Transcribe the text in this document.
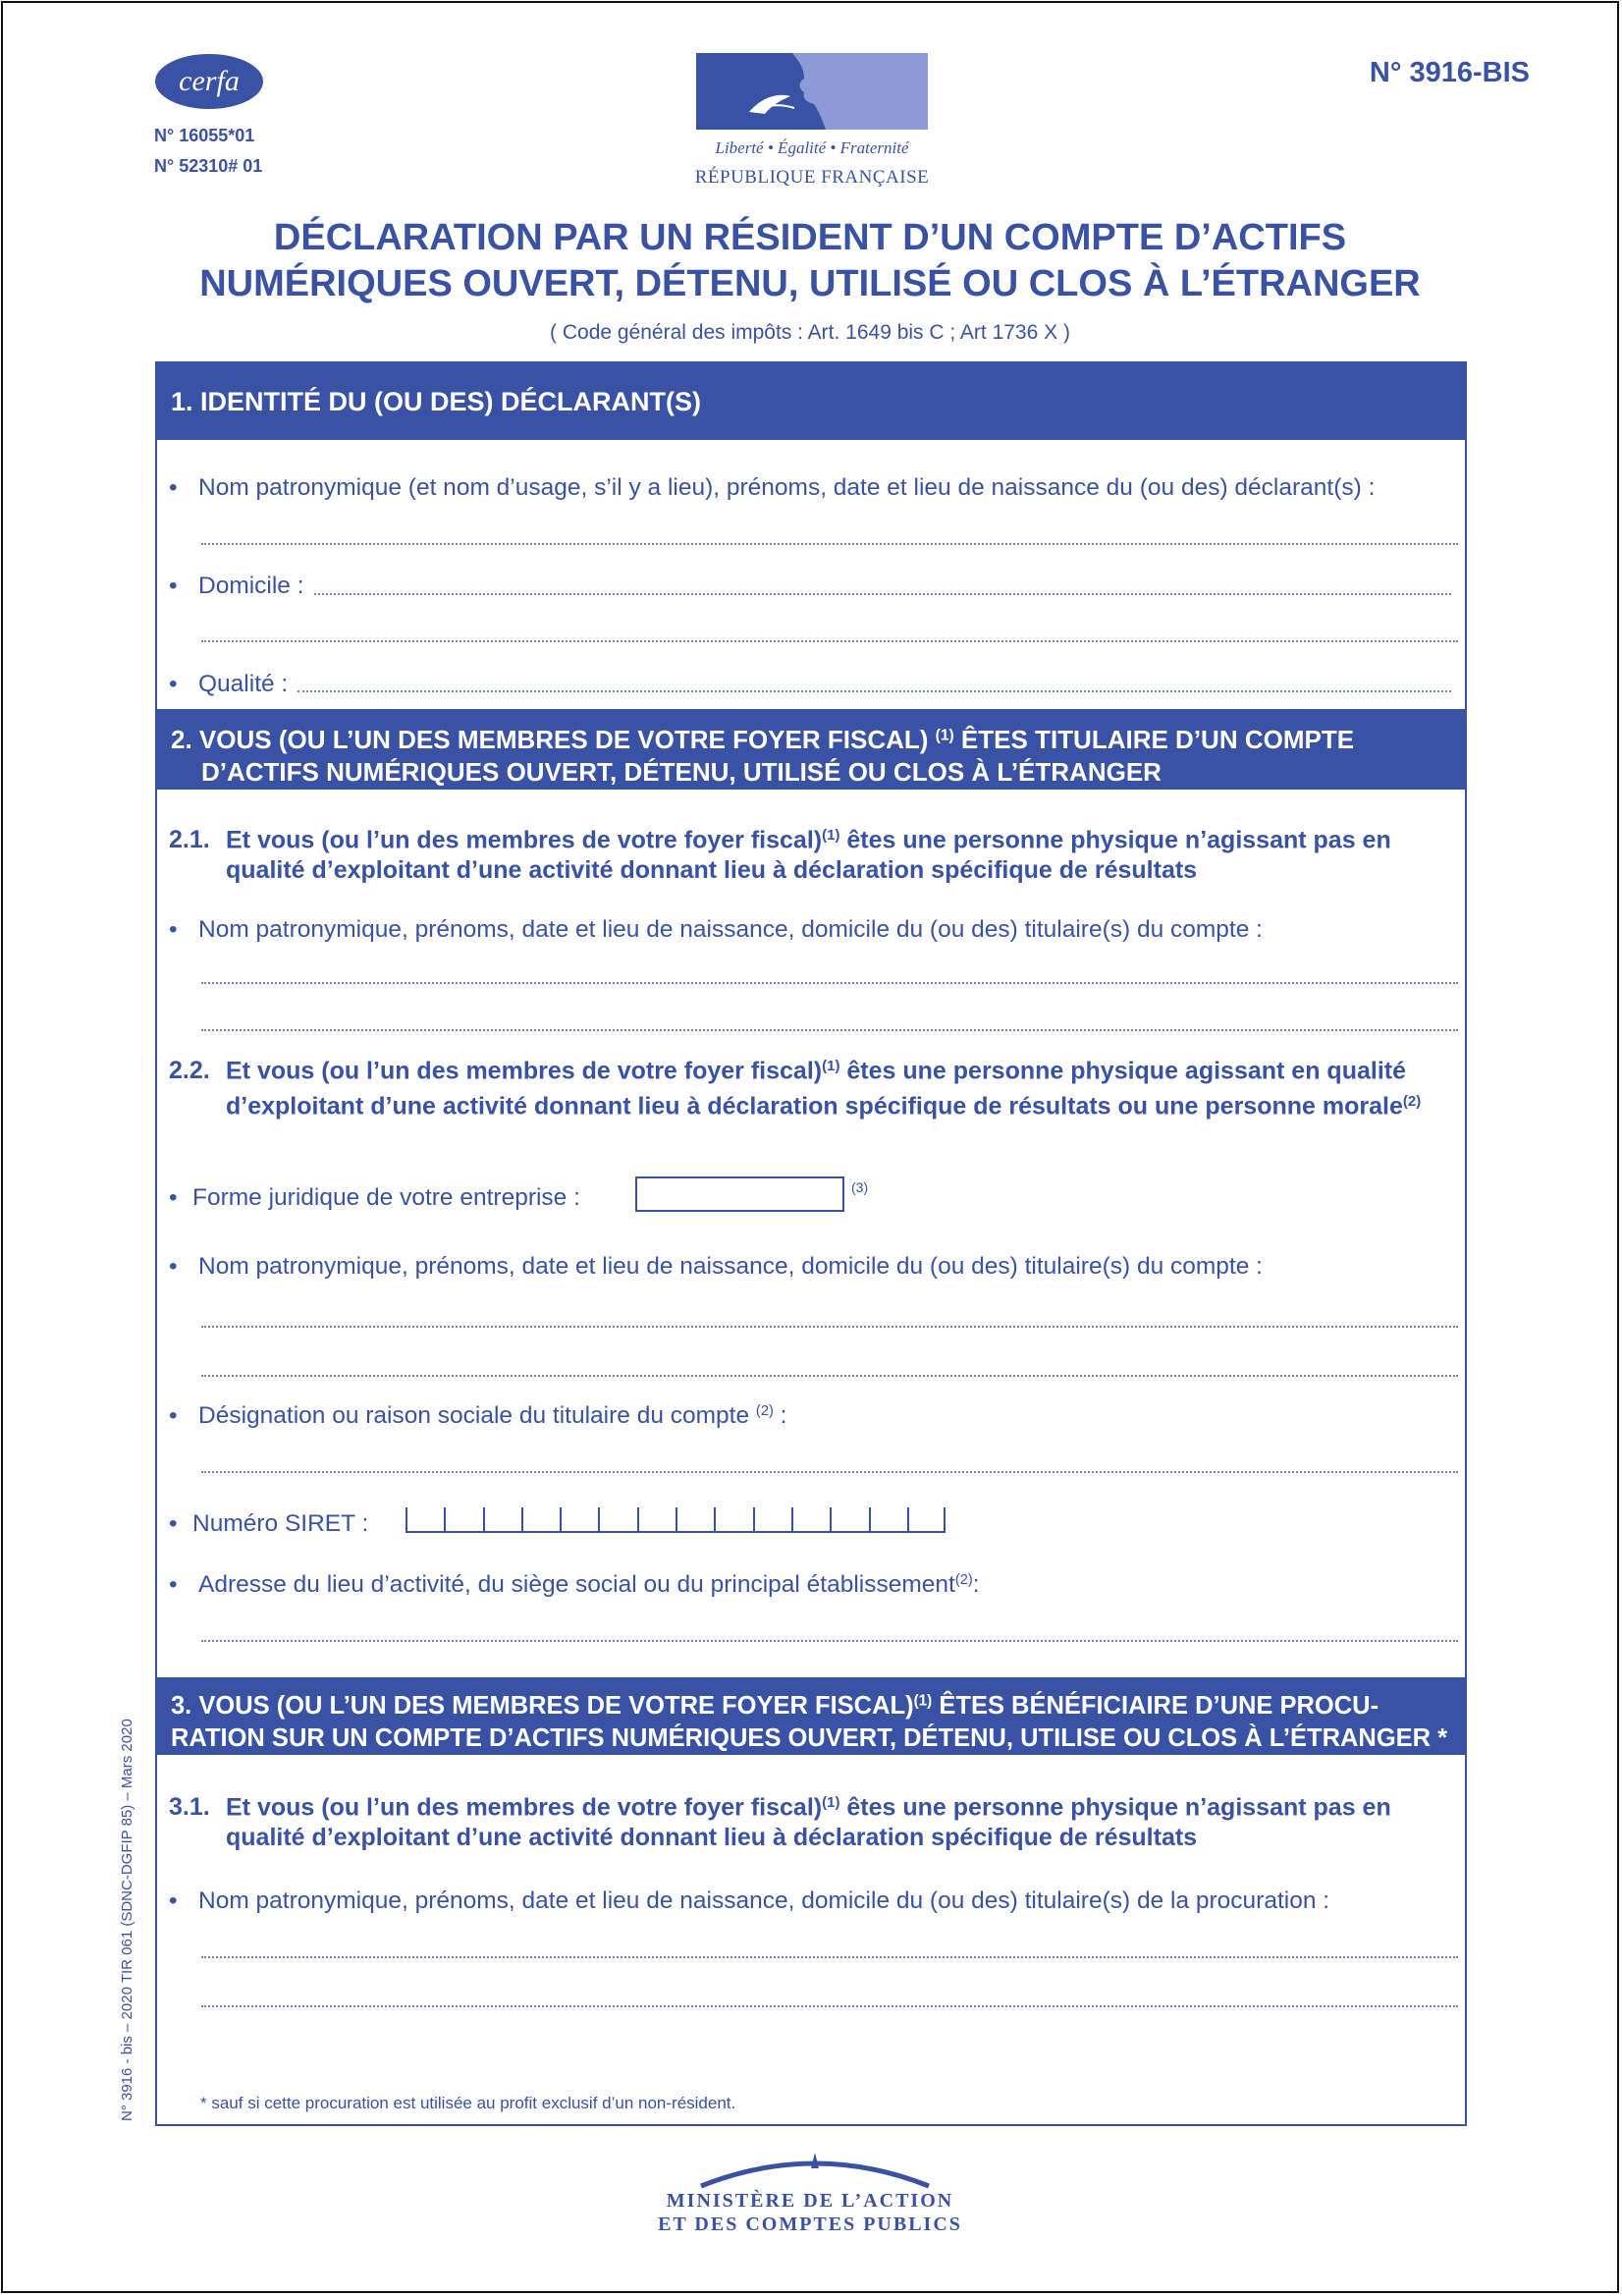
cerfa
N° 16055*01
N° 52310# 01
Liberté • Égalité • Fraternité
RÉPUBLIQUE FRANÇAISE
N° 3916-BIS
DÉCLARATION PAR UN RÉSIDENT D’UN COMPTE D’ACTIFS
NUMÉRIQUES OUVERT, DÉTENU, UTILISÉ OU CLOS À L’ÉTRANGER
( Code général des impôts : Art. 1649 bis C ; Art 1736 X )
1. IDENTITÉ DU (OU DES) DÉCLARANT(S)
• Nom patronymique (et nom d’usage, s’il y a lieu), prénoms, date et lieu de naissance du (ou des) déclarant(s) :
• Domicile :
• Qualité :
2. VOUS (OU L’UN DES MEMBRES DE VOTRE FOYER FISCAL) $^{(1)}$ ÊTES TITULAIRE D’UN COMPTE
D’ACTIFS NUMÉRIQUES OUVERT, DÉTENU, UTILISÉ OU CLOS À L’ÉTRANGER
2.1. Et vous (ou l’un des membres de votre foyer fiscal)$^{(1)}$ êtes une personne physique n’agissant pas en
qualité d’exploitant d’une activité donnant lieu à déclaration spécifique de résultats
• Nom patronymique, prénoms, date et lieu de naissance, domicile du (ou des) titulaire(s) du compte :
2.2. Et vous (ou l’un des membres de votre foyer fiscal)$^{(1)}$ êtes une personne physique agissant en qualité
d’exploitant d’une activité donnant lieu à déclaration spécifique de résultats ou une personne morale$^{(2)}$
• Forme juridique de votre entreprise :	(3)
• Nom patronymique, prénoms, date et lieu de naissance, domicile du (ou des) titulaire(s) du compte :
• Désignation ou raison sociale du titulaire du compte $^{(2)}$ :
• Numéro SIRET :
• Adresse du lieu d’activité, du siège social ou du principal établissement$^{(2)}$:
3. VOUS (OU L’UN DES MEMBRES DE VOTRE FOYER FISCAL)$^{(1)}$ ÊTES BÉNÉFICIAIRE D’UNE PROCU-
RATION SUR UN COMPTE D’ACTIFS NUMÉRIQUES OUVERT, DÉTENU, UTILISE OU CLOS À L’ÉTRANGER *
3.1. Et vous (ou l’un des membres de votre foyer fiscal)$^{(1)}$ êtes une personne physique n’agissant pas en
qualité d’exploitant d’une activité donnant lieu à déclaration spécifique de résultats
• Nom patronymique, prénoms, date et lieu de naissance, domicile du (ou des) titulaire(s) de la procuration :
* sauf si cette procuration est utilisée au profit exclusif d’un non-résident.
N° 3916 - bis – 2020 TIR 061 (SDNC-DGFIP 85) – Mars 2020
MINISTÈRE DE L’ACTION
ET DES COMPTES PUBLICS
